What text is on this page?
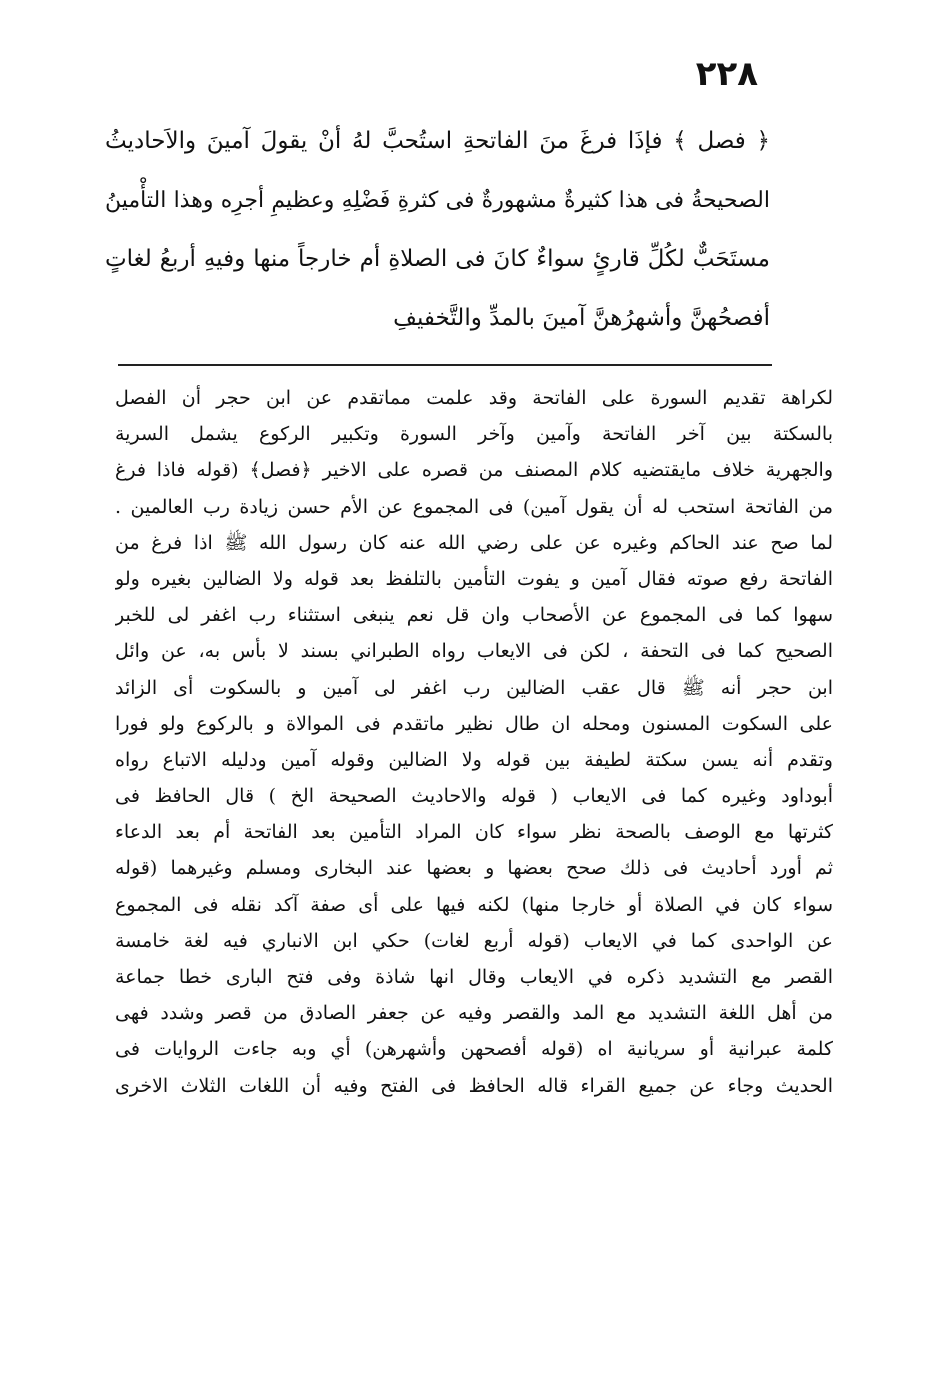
٢٢٨
﴿ فصل ﴾ فإذَا فرغَ منَ الفاتحةِ استُحبَّ لهُ أنْ يقولَ آمينَ والاَحاديثُ
الصحيحةُ فى هذا كثيرةٌ مشهورةٌ فى كثرةِ فَضْلِهِ وعظيمِ أجرِه وهذا التأْمينُ
مستَحَبٌّ لكُلِّ قارئٍ سواءٌ كانَ فى الصلاةِ أم خارجاً منها وفيهِ أربعُ لغاتٍ
أفصحُهنَّ وأشهرُهنَّ آمينَ بالمدِّ والتَّخفيفِ
لكراهة تقديم السورة على الفاتحة وقد علمت مماتقدم عن ابن حجر أن الفصل
بالسكتة بين آخر الفاتحة وآمين وآخر السورة وتكبير الركوع يشمل السرية
والجهرية خلاف مايقتضيه كلام المصنف من قصره على الاخير ﴿فصل﴾ (قوله فاذا فرغ
من الفاتحة استحب له أن يقول آمين) فى المجموع عن الأم حسن زيادة رب العالمين .
لما صح عند الحاكم وغيره عن على رضي الله عنه كان رسول الله ﷺ اذا فرغ من
الفاتحة رفع صوته فقال آمين و يفوت التأمين بالتلفظ بعد قوله ولا الضالين بغيره ولو
سهوا كما فى المجموع عن الأصحاب وان قل نعم ينبغى استثناء رب اغفر لى للخبر
الصحيح كما فى التحفة ، لكن فى الايعاب رواه الطبراني بسند لا بأس به، عن وائل
ابن حجر أنه ﷺ قال عقب الضالين رب اغفر لى آمين و بالسكوت أى الزائد
على السكوت المسنون ومحله ان طال نظير ماتقدم فى الموالاة و بالركوع ولو فورا
وتقدم أنه يسن سكتة لطيفة بين قوله ولا الضالين وقوله آمين ودليله الاتباع رواه
أبوداود وغيره كما فى الايعاب ( قوله والاحاديث الصحيحة الخ ) قال الحافظ فى
كثرتها مع الوصف بالصحة نظر سواء كان المراد التأمين بعد الفاتحة أم بعد الدعاء
ثم أورد أحاديث فى ذلك صحح بعضها و بعضها عند البخارى ومسلم وغيرهما (قوله
سواء كان في الصلاة أو خارجا منها) لكنه فيها على أى صفة آكد نقله فى المجموع
عن الواحدى كما في الايعاب (قوله أربع لغات) حكي ابن الانباري فيه لغة خامسة
القصر مع التشديد ذكره في الايعاب وقال انها شاذة وفى فتح البارى خطا جماعة
من أهل اللغة التشديد مع المد والقصر وفيه عن جعفر الصادق من قصر وشدد فهى
كلمة عبرانية أو سريانية اه (قوله أفصحهن وأشهرهن) أي وبه جاءت الروايات فى
الحديث وجاء عن جميع القراء قاله الحافظ فى الفتح وفيه أن اللغات الثلاث الاخرى
